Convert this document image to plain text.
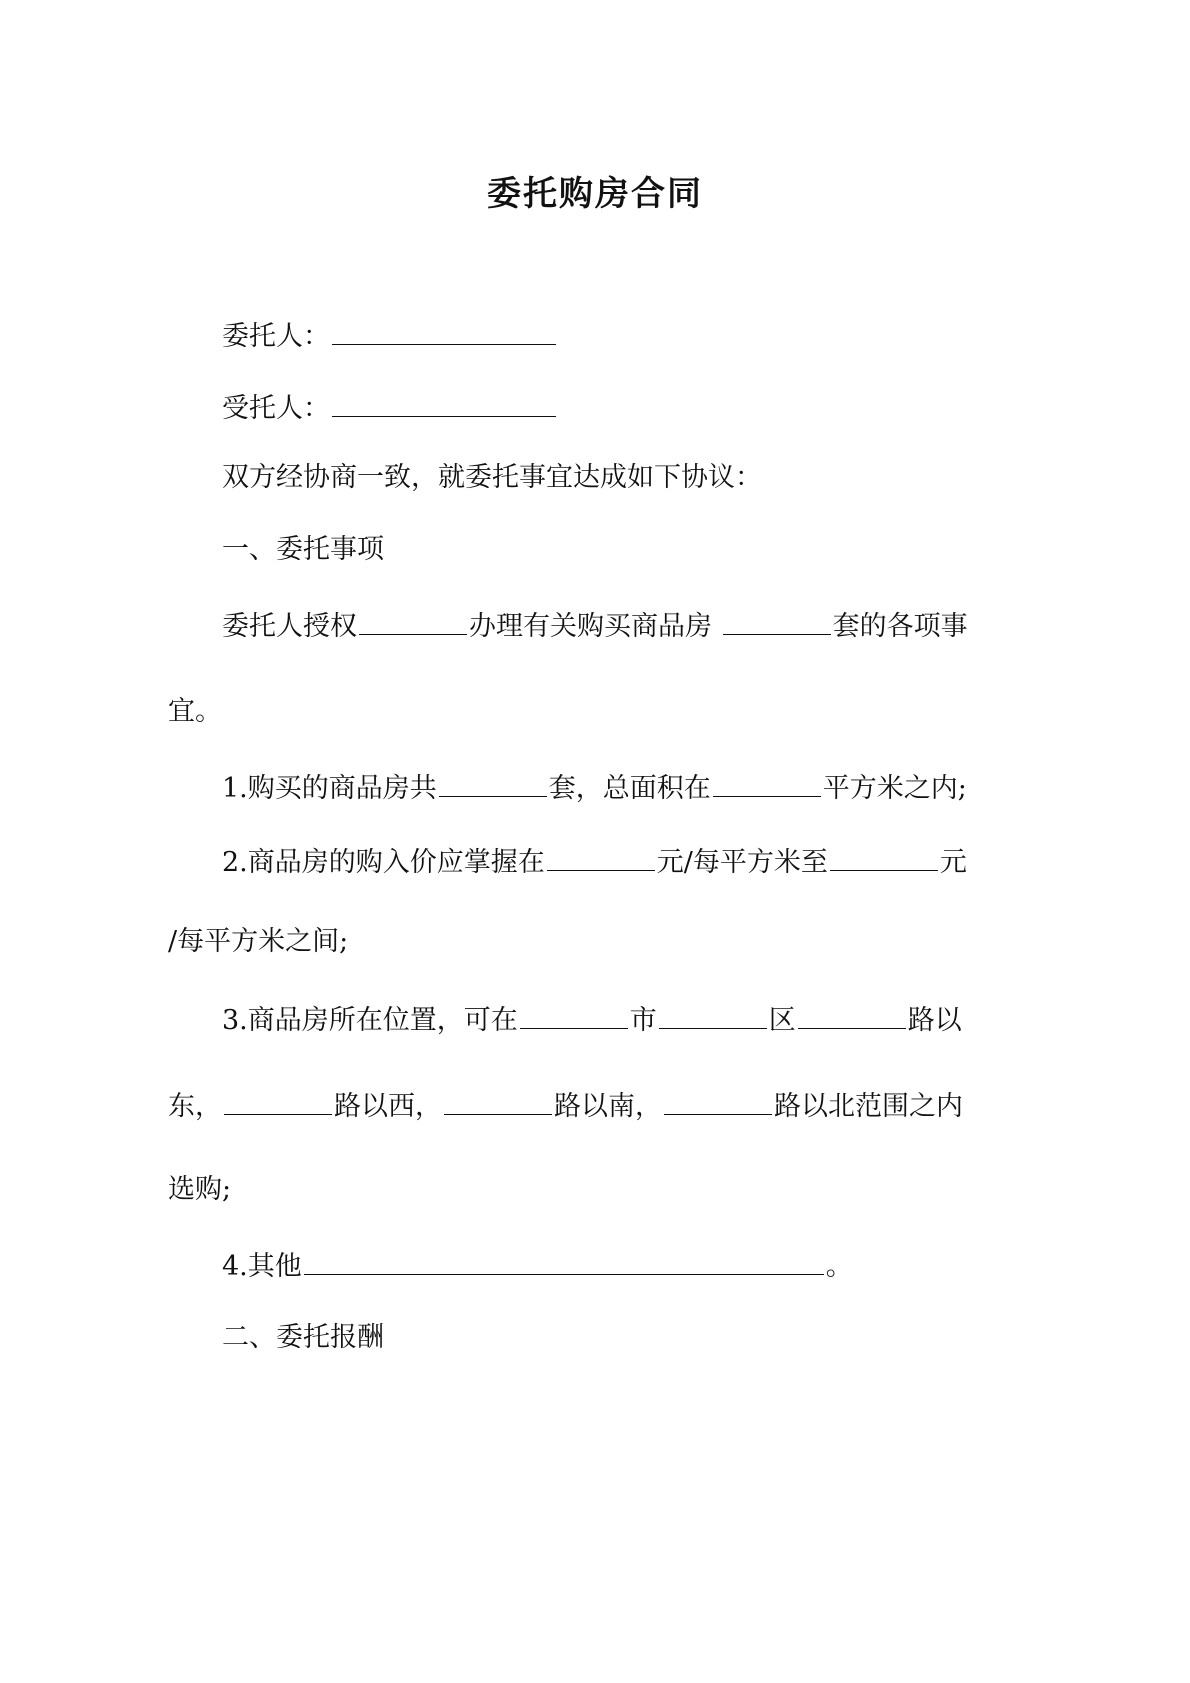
委托购房合同
委托人：
受托人：
双方经协商一致，就委托事宜达成如下协议：
一、委托事项
委托人授权	办理有关购买商品房	套的各项事
宜。
1.购买的商品房共	套，总面积在	平方米之内;
2.商品房的购入价应掌握在	元/每平方米至	元
/每平方米之间;
3.商品房所在位置，可在	市	区	路以
东，	路以西，	路以南，	路以北范围之内
选购;
4.其他	。
二、委托报酬
